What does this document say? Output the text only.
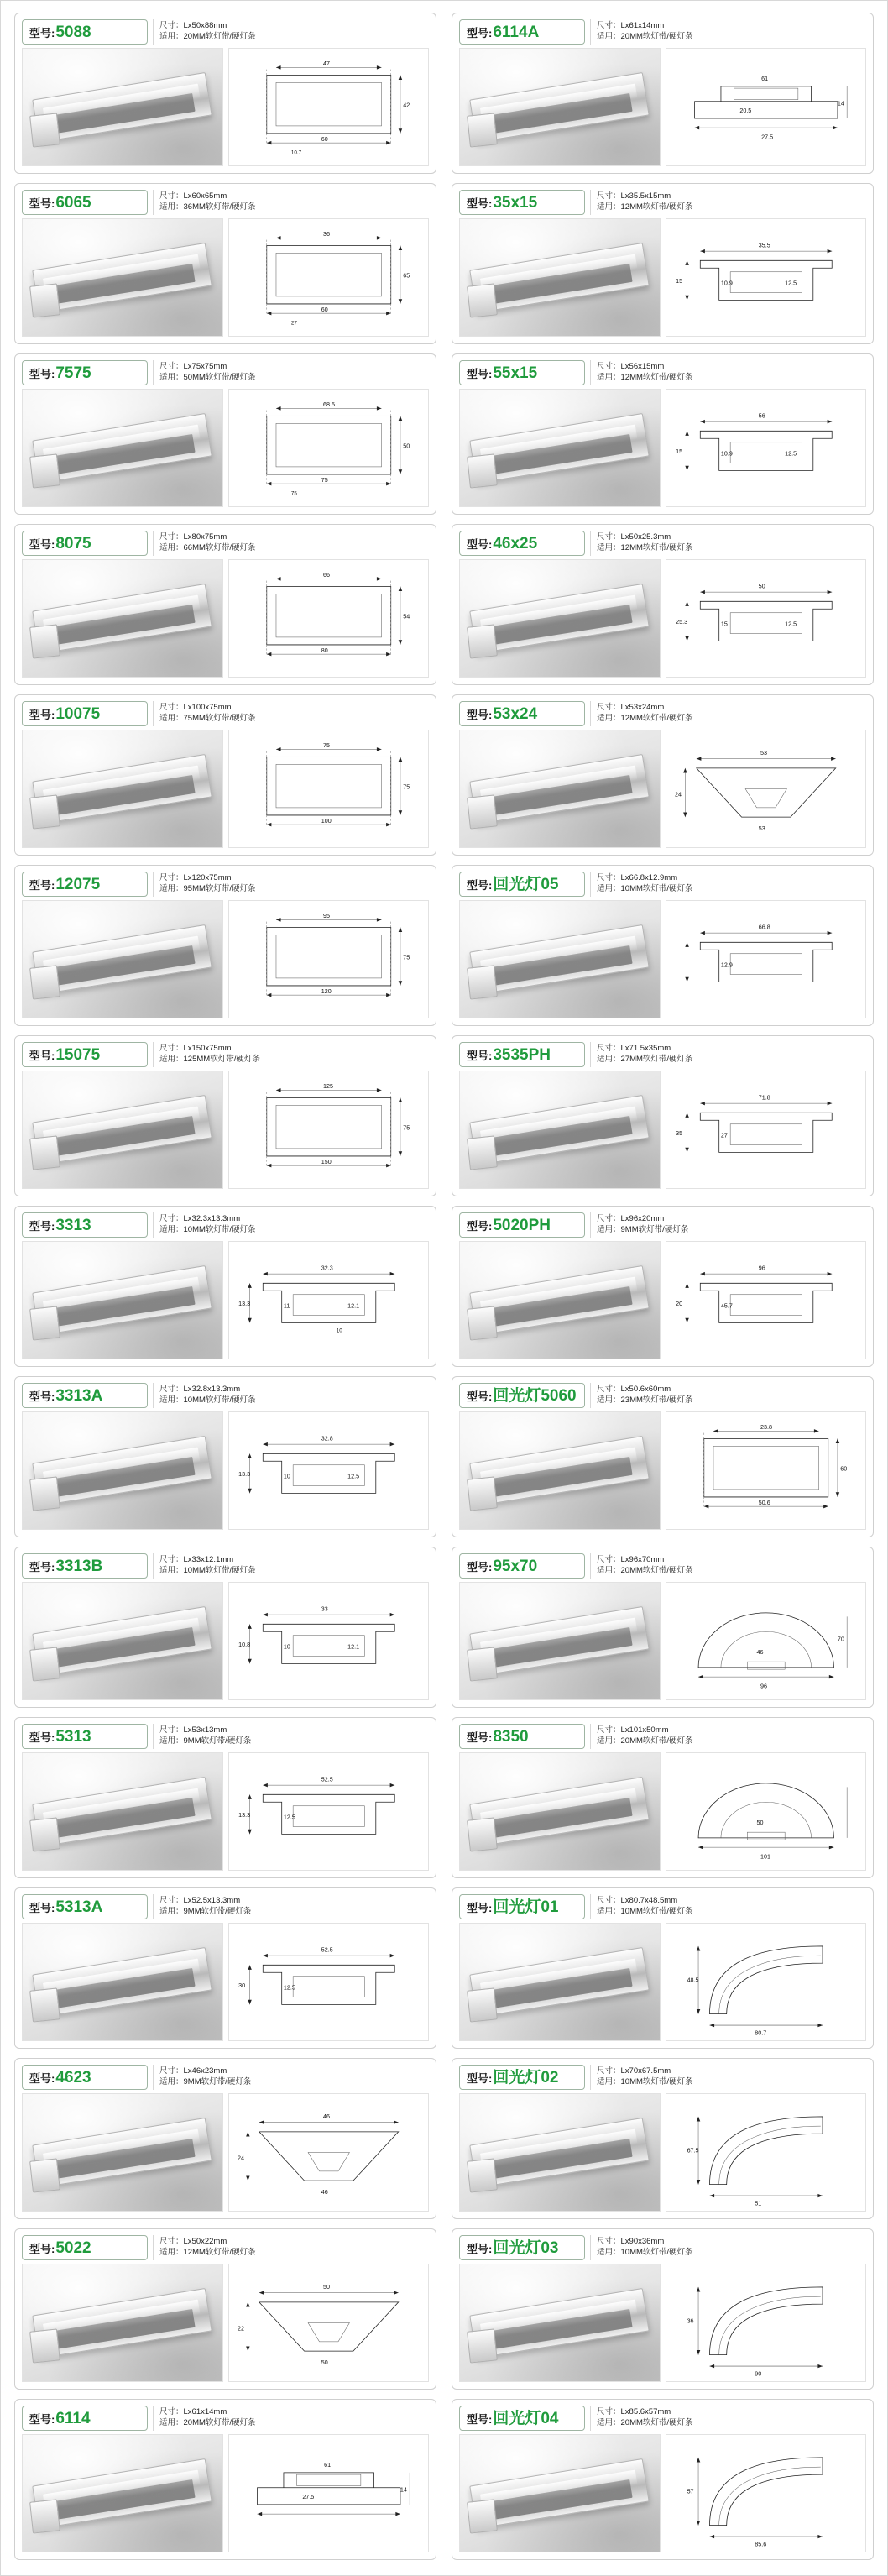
型号: 5088	尺寸：Lx50x88mm
适用：20MM软灯带/硬灯条
60
47
42
10.7
型号: 6114A	尺寸：Lx61x14mm
适用：20MM软灯带/硬灯条
61
20.5
27.5
14
型号: 6065	尺寸：Lx60x65mm
适用：36MM软灯带/硬灯条
60
36
65
27
型号: 35x15	尺寸：Lx35.5x15mm
适用：12MM软灯带/硬灯条
35.5
15	10.9	12.5
型号: 7575	尺寸：Lx75x75mm
适用：50MM软灯带/硬灯条
75
68.5
50
75
型号: 55x15	尺寸：Lx56x15mm
适用：12MM软灯带/硬灯条
56
15	10.9	12.5
型号: 8075	尺寸：Lx80x75mm
适用：66MM软灯带/硬灯条
80
66
54
型号: 46x25	尺寸：Lx50x25.3mm
适用：12MM软灯带/硬灯条
50
25.3	15	12.5
型号: 10075	尺寸：Lx100x75mm
适用：75MM软灯带/硬灯条
100
75
75
型号: 53x24	尺寸：Lx53x24mm
适用：12MM软灯带/硬灯条
53
24
53
型号: 12075	尺寸：Lx120x75mm
适用：95MM软灯带/硬灯条
120
95
75
型号: 回光灯05	尺寸：Lx66.8x12.9mm
适用：10MM软灯带/硬灯条
66.8
12.9
型号: 15075	尺寸：Lx150x75mm
适用：125MM软灯带/硬灯条
150
125
75
型号: 3535PH	尺寸：Lx71.5x35mm
适用：27MM软灯带/硬灯条
71.8
35	27
型号: 3313	尺寸：Lx32.3x13.3mm
适用：10MM软灯带/硬灯条
32.3
13.3	11	12.1
10
型号: 5020PH	尺寸：Lx96x20mm
适用：9MM软灯带/硬灯条
96
20	45.7
型号: 3313A	尺寸：Lx32.8x13.3mm
适用：10MM软灯带/硬灯条
32.8
13.3	10	12.5
型号: 回光灯5060	尺寸：Lx50.6x60mm
适用：23MM软灯带/硬灯条
50.6
23.8
60
型号: 3313B	尺寸：Lx33x12.1mm
适用：10MM软灯带/硬灯条
33
10.8	10	12.1
型号: 95x70	尺寸：Lx96x70mm
适用：20MM软灯带/硬灯条
96
70
46
型号: 5313	尺寸：Lx53x13mm
适用：9MM软灯带/硬灯条
52.5
13.3	12.5
型号: 8350	尺寸：Lx101x50mm
适用：20MM软灯带/硬灯条
101
50
型号: 5313A	尺寸：Lx52.5x13.3mm
适用：9MM软灯带/硬灯条
52.5
30	12.5
型号: 回光灯01	尺寸：Lx80.7x48.5mm
适用：10MM软灯带/硬灯条
80.7
48.5
型号: 4623	尺寸：Lx46x23mm
适用：9MM软灯带/硬灯条
46
24
46
型号: 回光灯02	尺寸：Lx70x67.5mm
适用：10MM软灯带/硬灯条
51
67.5
型号: 5022	尺寸：Lx50x22mm
适用：12MM软灯带/硬灯条
50
22
50
型号: 回光灯03	尺寸：Lx90x36mm
适用：10MM软灯带/硬灯条
90
36
型号: 6114	尺寸：Lx61x14mm
适用：20MM软灯带/硬灯条
61
27.5
14
型号: 回光灯04	尺寸：Lx85.6x57mm
适用：20MM软灯带/硬灯条
85.6
57
